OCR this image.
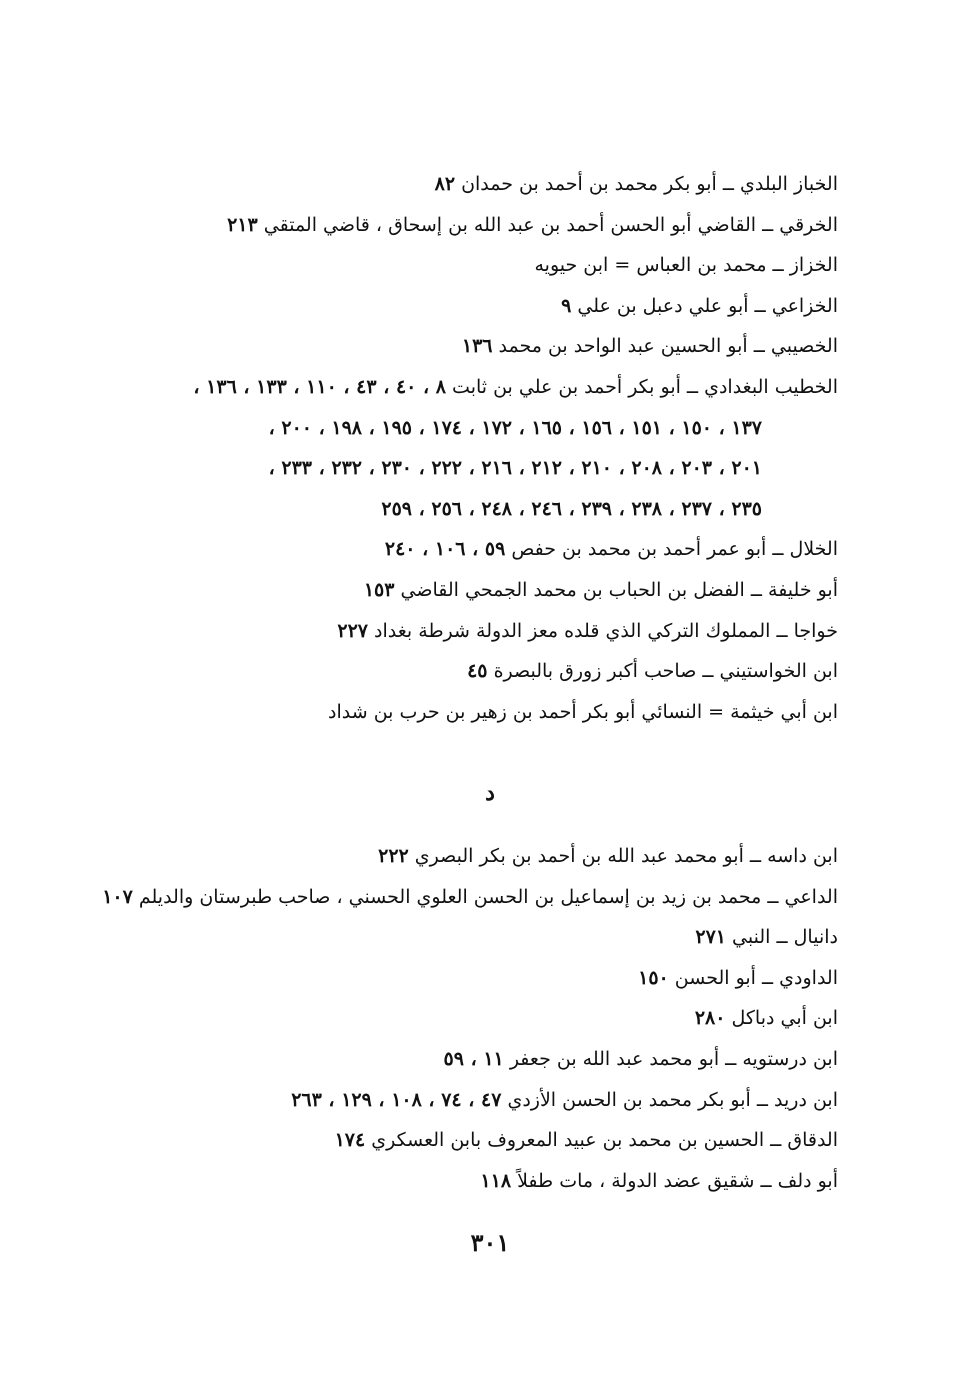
الخباز البلدي ــ أبو بكر محمد بن أحمد بن حمدان ٨٢
الخرقي ــ القاضي أبو الحسن أحمد بن عبد الله بن إسحاق ، قاضي المتقي ٢١٣
الخزاز ــ محمد بن العباس = ابن حيويه
الخزاعي ــ أبو علي دعبل بن علي ٩
الخصيبي ــ أبو الحسين عبد الواحد بن محمد ١٣٦
الخطيب البغدادي ــ أبو بكر أحمد بن علي بن ثابت ٨ ، ٤٠ ، ٤٣ ، ١١٠ ، ١٣٣ ، ١٣٦ ،
١٣٧ ، ١٥٠ ، ١٥١ ، ١٥٦ ، ١٦٥ ، ١٧٢ ، ١٧٤ ، ١٩٥ ، ١٩٨ ، ٢٠٠ ،
٢٠١ ، ٢٠٣ ، ٢٠٨ ، ٢١٠ ، ٢١٢ ، ٢١٦ ، ٢٢٢ ، ٢٣٠ ، ٢٣٢ ، ٢٣٣ ،
٢٣٥ ، ٢٣٧ ، ٢٣٨ ، ٢٣٩ ، ٢٤٦ ، ٢٤٨ ، ٢٥٦ ، ٢٥٩
الخلال ــ أبو عمر أحمد بن محمد بن حفص ٥٩ ، ١٠٦ ، ٢٤٠
أبو خليفة ــ الفضل بن الحباب بن محمد الجمحي القاضي ١٥٣
خواجا ــ المملوك التركي الذي قلده معز الدولة شرطة بغداد ٢٢٧
ابن الخواستيني ــ صاحب أكبر زورق بالبصرة ٤٥
ابن أبي خيثمة = النسائي أبو بكر أحمد بن زهير بن حرب بن شداد
د
ابن داسه ــ أبو محمد عبد الله بن أحمد بن بكر البصري ٢٢٢
الداعي ــ محمد بن زيد بن إسماعيل بن الحسن العلوي الحسني ، صاحب طبرستان والديلم ١٠٧
دانيال ــ النبي ٢٧١
الداودي ــ أبو الحسن ١٥٠
ابن أبي دباكل ٢٨٠
ابن درستويه ــ أبو محمد عبد الله بن جعفر ١١ ، ٥٩
ابن دريد ــ أبو بكر محمد بن الحسن الأزدي ٤٧ ، ٧٤ ، ١٠٨ ، ١٢٩ ، ٢٦٣
الدقاق ــ الحسين بن محمد بن عبيد المعروف بابن العسكري ١٧٤
أبو دلف ــ شقيق عضد الدولة ، مات طفلاً ١١٨
٣٠١
